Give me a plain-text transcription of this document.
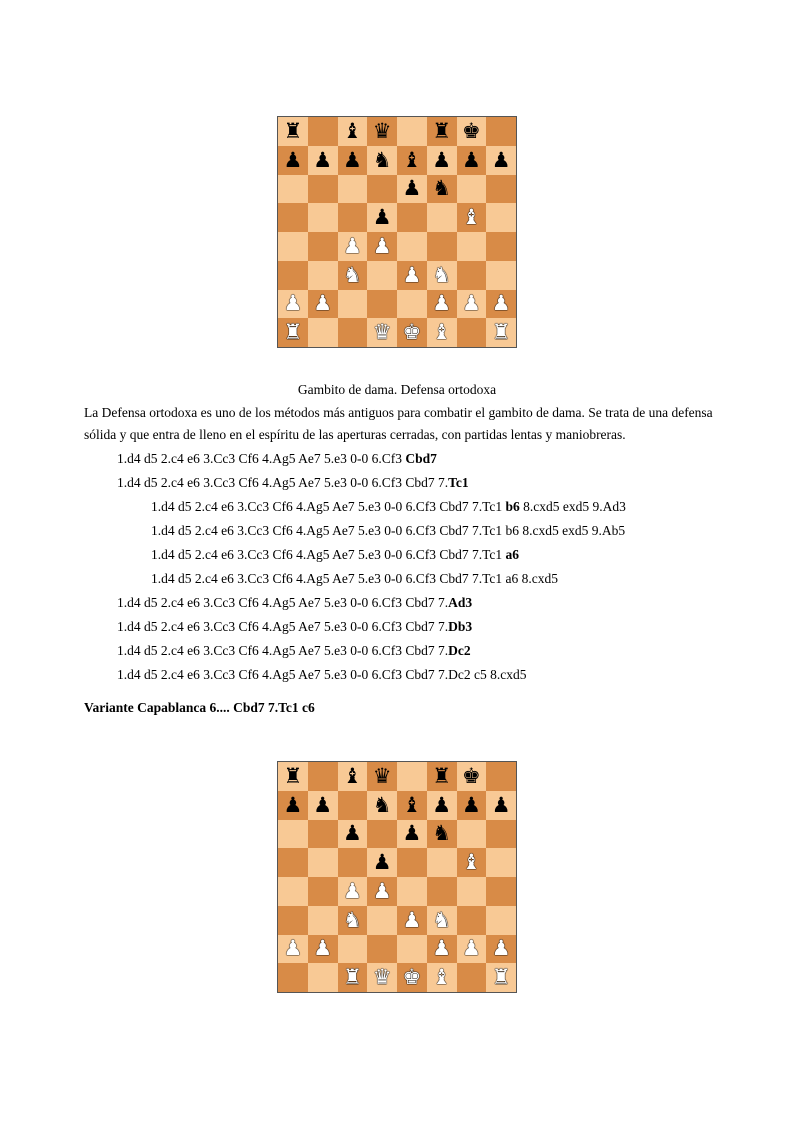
♜ ♝ ♛ ♜ ♚
♟ ♟ ♟ ♞ ♝ ♟ ♟ ♟
♟ ♞
♟	♝
♟ ♟
♞ ♟ ♞
♟ ♟	♟ ♟ ♟
♜	♛ ♚ ♝ ♜
Gambito de dama. Defensa ortodoxa
La Defensa ortodoxa es uno de los métodos más antiguos para combatir el gambito de dama. Se trata de una defensa sólida y que entra de lleno en el espíritu de las aperturas cerradas, con partidas lentas y maniobreras.
1.d4 d5 2.c4 e6 3.Cc3 Cf6 4.Ag5 Ae7 5.e3 0-0 6.Cf3 Cbd7
1.d4 d5 2.c4 e6 3.Cc3 Cf6 4.Ag5 Ae7 5.e3 0-0 6.Cf3 Cbd7 7.Tc1
1.d4 d5 2.c4 e6 3.Cc3 Cf6 4.Ag5 Ae7 5.e3 0-0 6.Cf3 Cbd7 7.Tc1 b6 8.cxd5 exd5 9.Ad3
1.d4 d5 2.c4 e6 3.Cc3 Cf6 4.Ag5 Ae7 5.e3 0-0 6.Cf3 Cbd7 7.Tc1 b6 8.cxd5 exd5 9.Ab5
1.d4 d5 2.c4 e6 3.Cc3 Cf6 4.Ag5 Ae7 5.e3 0-0 6.Cf3 Cbd7 7.Tc1 a6
1.d4 d5 2.c4 e6 3.Cc3 Cf6 4.Ag5 Ae7 5.e3 0-0 6.Cf3 Cbd7 7.Tc1 a6 8.cxd5
1.d4 d5 2.c4 e6 3.Cc3 Cf6 4.Ag5 Ae7 5.e3 0-0 6.Cf3 Cbd7 7.Ad3
1.d4 d5 2.c4 e6 3.Cc3 Cf6 4.Ag5 Ae7 5.e3 0-0 6.Cf3 Cbd7 7.Db3
1.d4 d5 2.c4 e6 3.Cc3 Cf6 4.Ag5 Ae7 5.e3 0-0 6.Cf3 Cbd7 7.Dc2
1.d4 d5 2.c4 e6 3.Cc3 Cf6 4.Ag5 Ae7 5.e3 0-0 6.Cf3 Cbd7 7.Dc2 c5 8.cxd5
Variante Capablanca 6.... Cbd7 7.Tc1 c6
♜ ♝ ♛ ♜ ♚
♟ ♟ ♞ ♝ ♟ ♟ ♟
♟ ♟ ♞
♟	♝
♟ ♟
♞ ♟ ♞
♟ ♟	♟ ♟ ♟
♜ ♛ ♚ ♝ ♜
